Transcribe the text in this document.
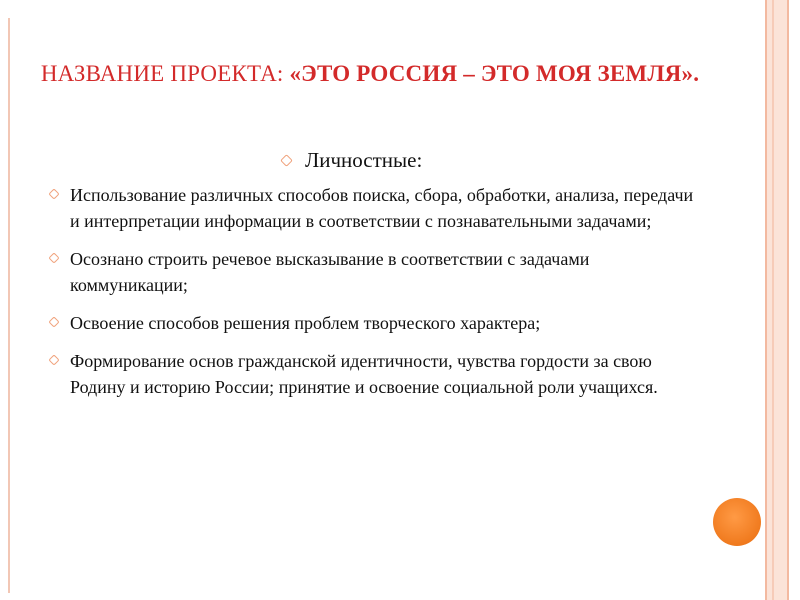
НАЗВАНИЕ ПРОЕКТА: «ЭТО РОССИЯ – ЭТО МОЯ ЗЕМЛЯ».
Личностные:
Использование различных способов поиска, сбора, обработки, анализа, передачи и интерпретации информации в соответствии с познавательными задачами;
Осознано строить речевое высказывание в соответствии с задачами коммуникации;
Освоение способов решения проблем творческого характера;
Формирование основ гражданской идентичности, чувства гордости за свою Родину и историю России; принятие и освоение социальной роли учащихся.
